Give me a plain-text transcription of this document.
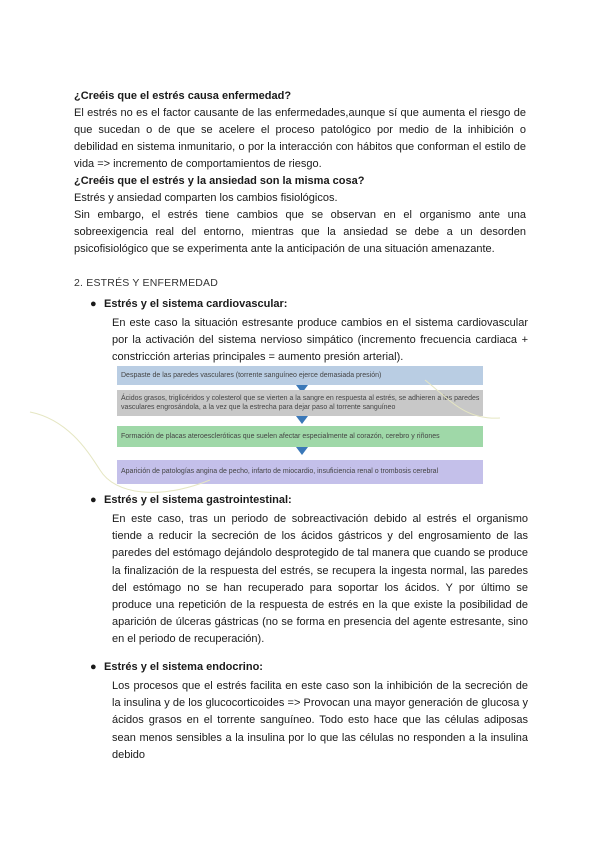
¿Creéis que el estrés causa enfermedad?

El estrés no es el factor causante de las enfermedades,aunque sí que aumenta el riesgo de que sucedan o de que se acelere el proceso patológico por medio de la inhibición o debilidad en sistema inmunitario, o por la interacción con hábitos que conforman el estilo de vida => incremento de comportamientos de riesgo.

¿Creéis que el estrés y la ansiedad son la misma cosa?

Estrés y ansiedad comparten los cambios fisiológicos.

Sin embargo, el estrés tiene cambios que se observan en el organismo ante una sobreexigencia real del entorno, mientras que la ansiedad se debe a un desorden psicofisiológico que se experimenta ante la anticipación de una situación amenazante.

2. ESTRÉS Y ENFERMEDAD
● Estrés y el sistema cardiovascular:
En este caso la situación estresante produce cambios en el sistema cardiovascular por la activación del sistema nervioso simpático (incremento frecuencia cardiaca + constricción arterias principales = aumento presión arterial).
Despaste de las paredes vasculares (torrente sanguíneo ejerce demasiada presión)
Ácidos grasos, triglicéridos y colesterol que se vierten a la sangre en respuesta al estrés, se adhieren a las paredes vasculares engrosándola, a la vez que la estrecha para dejar paso al torrente sanguíneo
Formación de placas ateroescleróticas que suelen afectar especialmente al corazón, cerebro y riñones
Aparición de patologías angina de pecho, infarto de miocardio, insuficiencia renal o trombosis cerebral
● Estrés y el sistema gastrointestinal:
En este caso, tras un periodo de sobreactivación debido al estrés el organismo tiende a reducir la secreción de los ácidos gástricos y del engrosamiento de las paredes del estómago dejándolo desprotegido de tal manera que cuando se produce la finalización de la respuesta del estrés, se recupera la ingesta normal, las paredes del estómago no se han recuperado para soportar los ácidos. Y por último se produce una repetición de la respuesta de estrés en la que existe la posibilidad de aparición de úlceras gástricas (no se forma en presencia del agente estresante, sino en el periodo de recuperación).
● Estrés y el sistema endocrino:
Los procesos que el estrés facilita en este caso son la inhibición de la secreción de la insulina y de los glucocorticoides => Provocan una mayor generación de glucosa y ácidos grasos en el torrente sanguíneo. Todo esto hace que las células adiposas sean menos sensibles a la insulina por lo que las células no responden a la insulina debido
